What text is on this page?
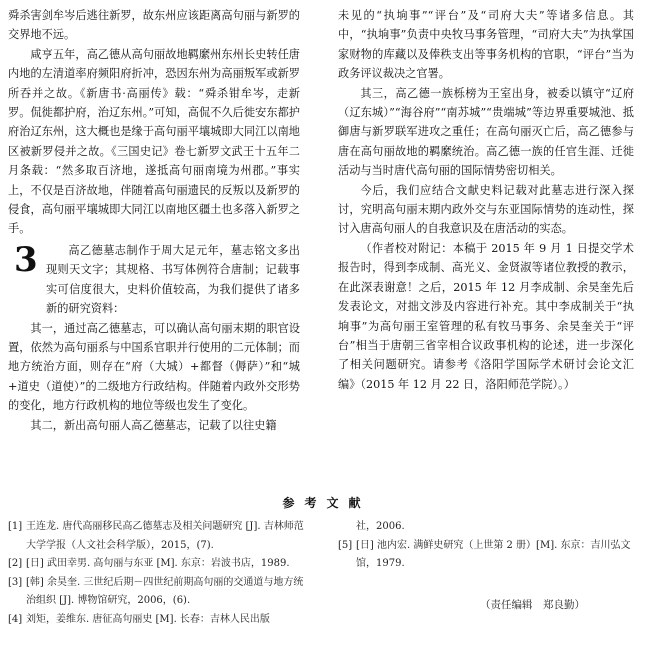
舜杀害剑牟岑后逃往新罗，故东州应该距离高句丽与新罗的交界地不远。

咸亨五年，高乙德从高句丽故地羁縻州东州长史转任唐内地的左清道率府频阳府折冲，恐因东州为高丽叛军或新罗所吞并之故。《新唐书·高丽传》载：“舜杀钳牟岑，走新罗。侃徙都护府，治辽东州。”可知，高侃不久后徙安东都护府治辽东州，这大概也是缘于高句丽平壤城即大同江以南地区被新罗侵并之故。《三国史记》卷七新罗文武王十五年二月条载：“然多取百济地，遂抵高句丽南境为州郡。”事实上，不仅是百济故地，伴随着高句丽遗民的反叛以及新罗的侵食，高句丽平壤城即大同江以南地区疆土也多落入新罗之手。

3	高乙德墓志制作于周大足元年，墓志铭文多出现则天文字；其规格、书写体例符合唐制；记载事实可信度很大，史料价值较高，为我们提供了诸多新的研究资料：

其一，通过高乙德墓志，可以确认高句丽末期的职官设置，依然为高句丽系与中国系官职并行使用的二元体制；而地方统治方面，则存在“府（大城）+都督（傉萨）”和“城+道史（道使）”的二级地方行政结构。伴随着内政外交形势的变化，地方行政机构的地位等级也发生了变化。

其二，新出高句丽人高乙德墓志，记载了以往史籍

未见的“执垧事”“评台”及“司府大夫”等诸多信息。其中，“执垧事”负责中央牧马事务管理，“司府大夫”为执掌国家财物的库藏以及俸秩支出等事务机构的官职，“评台”当为政务评议裁决之官署。

其三，高乙德一族栎榜为王室出身，被委以镇守“辽府（辽东城）”“海谷府”“南苏城”“贵端城”等边界重要城池、抵御唐与新罗联军进攻之重任；在高句丽灭亡后，高乙德参与唐在高句丽故地的羁縻统治。高乙德一族的任官生涯、迁徙活动与当时唐代高句丽的国际情势密切相关。

今后，我们应结合文献史料记载对此墓志进行深入探讨，究明高句丽末期内政外交与东亚国际情势的连动性，探讨入唐高句丽人的自我意识及在唐活动的实态。

（作者校对附记：本稿于 2015 年 9 月 1 日提交学术报告时，得到李成制、高光义、金贤淑等诸位教授的教示，在此深表谢意！之后，2015 年 12 月李成制、余昊奎先后发表论文，对拙文涉及内容进行补充。其中李成制关于“执垧事”为高句丽王室管理的私有牧马事务、余昊奎关于“评台”相当于唐朝三省宰相合议政事机构的论述，进一步深化了相关问题研究。请参考《洛阳学国际学术研讨会论文汇编》（2015 年 12 月 22 日，洛阳师范学院）。）

参考文献

[1] 王连龙. 唐代高丽移民高乙德墓志及相关问题研究 [J]. 吉林师范大学学报（人文社会科学版），2015，(7).

[2] [日] 武田幸男. 高句丽与东亚 [M]. 东京：岩波书店，1989.

[3] [韩] 余昊奎. 三世纪后期－四世纪前期高句丽的交通道与地方统治组织 [J]. 博物馆研究，2006，(6).

[4] 刘矩，姜维东. 唐征高句丽史 [M]. 长春：吉林人民出版

社，2006.

[5] [日] 池内宏. 满鲜史研究（上世第 2 册）[M]. 东京：吉川弘文馆，1979.

（责任编辑　郑良勤）
